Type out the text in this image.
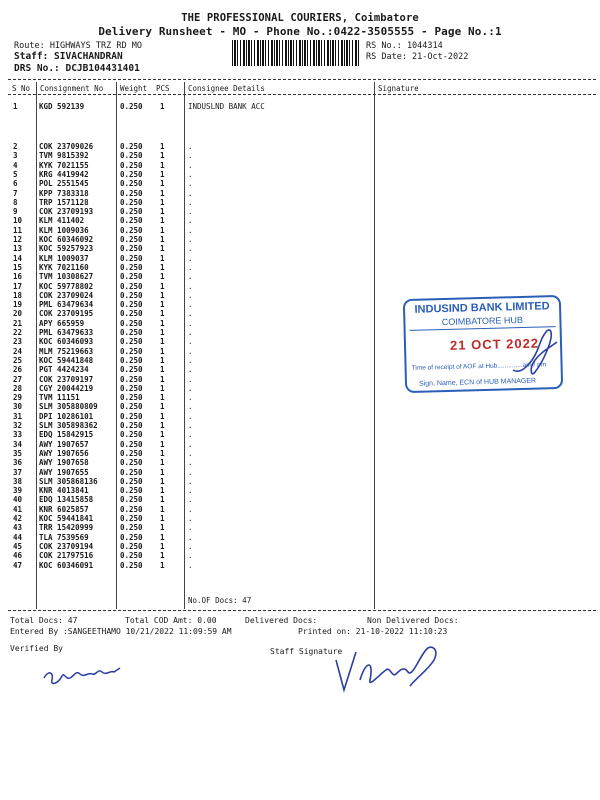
THE PROFESSIONAL COURIERS, Coimbatore
Delivery Runsheet - MO - Phone No.:0422-3505555 - Page No.:1
Route: HIGHWAYS TRZ RD MO
Staff: SIVACHANDRAN
DRS No.: DCJB104431401
RS No.: 1044314
RS Date: 21-Oct-2022
S No Consignment No Weight PCS Consignee Details	Signature
1	KGD 592139	0.250 1	INDUSLND BANK ACC
2	COK 23709026	0.250 1	.
3	TVM 9815392	0.250 1	.
4	KYK 7021155	0.250 1	.
5	KRG 4419942	0.250 1	.
6	POL 2551545	0.250 1	.
7	KPP 7383318	0.250 1	.
8	TRP 1571128	0.250 1	.
9	COK 23709193	0.250 1	.
10 KLM 411402	0.250 1	.
11 KLM 1009036	0.250 1	.
12 KOC 60346092	0.250 1	.
13 KOC 59257923	0.250 1	.
14 KLM 1009037	0.250 1	.
15 KYK 7021160	0.250 1	.
16 TVM 10308627	0.250 1	.
17 KOC 59778802	0.250 1	.
18 COK 23709024	0.250 1	.
19 PML 63479634	0.250 1	.
20 COK 23709195	0.250 1	.
21 APY 665959	0.250 1	.
22 PML 63479633	0.250 1	.
23 KOC 60346093	0.250 1	.
24 MLM 75219663	0.250 1	.
25 KOC 59441848	0.250 1	.
26 PGT 4424234	0.250 1	.
27 COK 23709197	0.250 1	.
28 CGY 20044219	0.250 1	.
29 TVM 11151	0.250 1	.
30 SLM 305880809	0.250 1	.
31 DPI 10286101	0.250 1	.
32 SLM 305898362	0.250 1	.
33 EDQ 15842915	0.250 1	.
34 AWY 1907657	0.250 1	.
35 AWY 1907656	0.250 1	.
36 AWY 1907658	0.250 1	.
37 AWY 1907655	0.250 1	.
38 SLM 305868136	0.250 1	.
39 KNR 4013841	0.250 1	.
40 EDQ 13415858	0.250 1	.
41 KNR 6025857	0.250 1	.
42 KOC 59441841	0.250 1	.
43 TRR 15420999	0.250 1	.
44 TLA 7539569	0.250 1	.
45 COK 23709194	0.250 1	.
46 COK 21797516	0.250 1	.
47 KOC 60346091	0.250 1	.
No.OF Docs: 47
INDUSIND BANK LIMITED
COIMBATORE HUB
21 OCT 2022
Time of receipt of AOF at Hub..............am / pm
Sign, Name, ECN of HUB MANAGER
Total Docs: 47	Total COD Amt: 0.00	Delivered Docs:	Non Delivered Docs:
Entered By :SANGEETHAMO 10/21/2022 11:09:59 AM	Printed on: 21-10-2022 11:10:23
Verified By	Staff Signature
